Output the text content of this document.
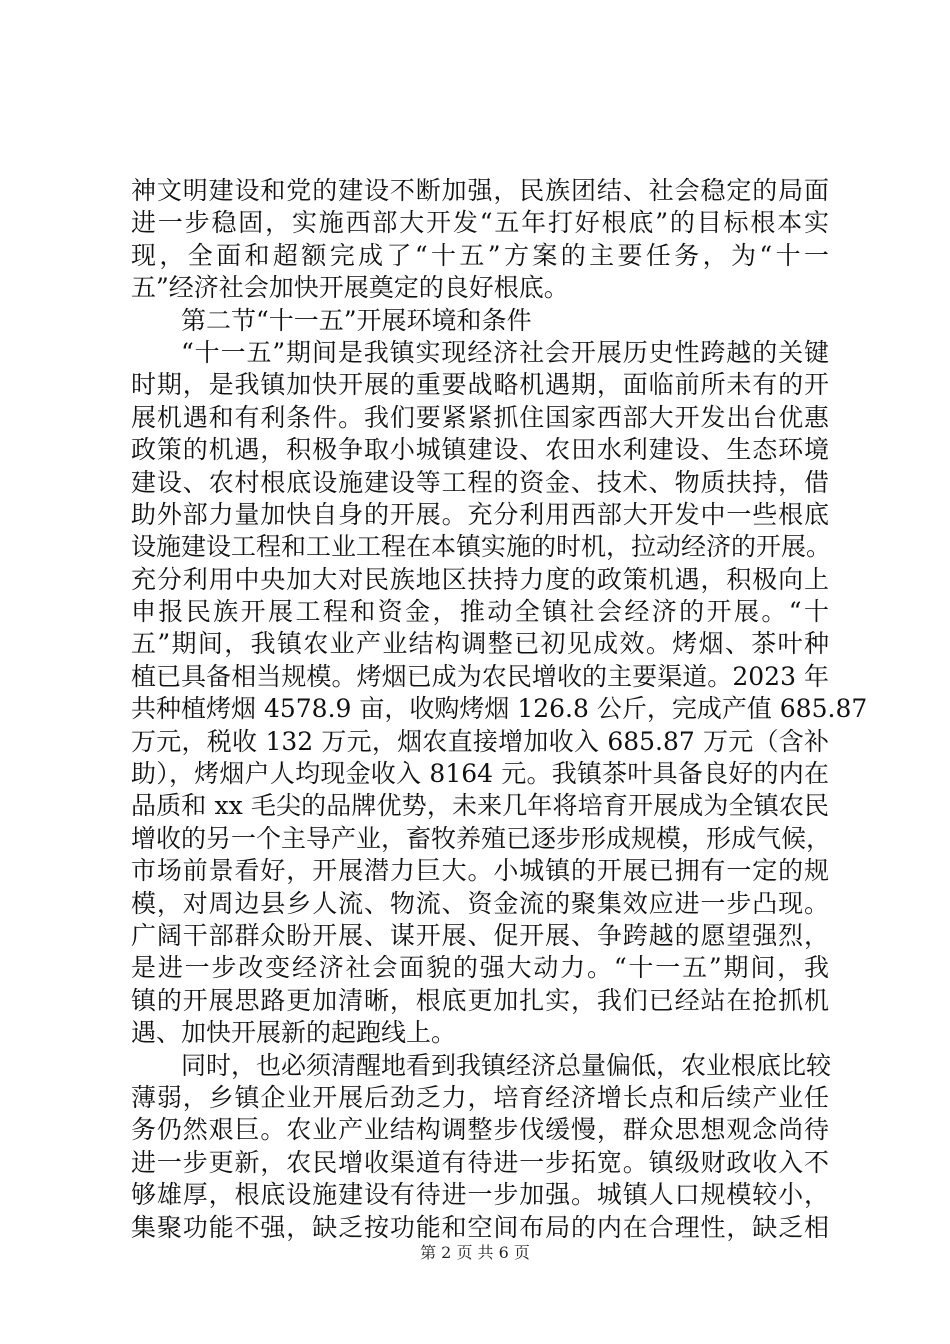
神文明建设和党的建设不断加强，民族团结、社会稳定的局面
进一步稳固，实施西部大开发“五年打好根底”的目标根本实
现，全面和超额完成了“十五”方案的主要任务，为“十一
五”经济社会加快开展奠定的良好根底。
第二节“十一五”开展环境和条件
“十一五”期间是我镇实现经济社会开展历史性跨越的关键
时期，是我镇加快开展的重要战略机遇期，面临前所未有的开
展机遇和有利条件。我们要紧紧抓住国家西部大开发出台优惠
政策的机遇，积极争取小城镇建设、农田水利建设、生态环境
建设、农村根底设施建设等工程的资金、技术、物质扶持，借
助外部力量加快自身的开展。充分利用西部大开发中一些根底
设施建设工程和工业工程在本镇实施的时机，拉动经济的开展。
充分利用中央加大对民族地区扶持力度的政策机遇，积极向上
申报民族开展工程和资金，推动全镇社会经济的开展。“十
五”期间，我镇农业产业结构调整已初见成效。烤烟、茶叶种
植已具备相当规模。烤烟已成为农民增收的主要渠道。2023 年
共种植烤烟 4578.9 亩，收购烤烟 126.8 公斤，完成产值 685.87
万元，税收 132 万元，烟农直接增加收入 685.87 万元（含补
助），烤烟户人均现金收入 8164 元。我镇茶叶具备良好的内在
品质和 xx 毛尖的品牌优势，未来几年将培育开展成为全镇农民
增收的另一个主导产业，畜牧养殖已逐步形成规模，形成气候，
市场前景看好，开展潜力巨大。小城镇的开展已拥有一定的规
模，对周边县乡人流、物流、资金流的聚集效应进一步凸现。
广阔干部群众盼开展、谋开展、促开展、争跨越的愿望强烈，
是进一步改变经济社会面貌的强大动力。“十一五”期间，我
镇的开展思路更加清晰，根底更加扎实，我们已经站在抢抓机
遇、加快开展新的起跑线上。
同时，也必须清醒地看到我镇经济总量偏低，农业根底比较
薄弱，乡镇企业开展后劲乏力，培育经济增长点和后续产业任
务仍然艰巨。农业产业结构调整步伐缓慢，群众思想观念尚待
进一步更新，农民增收渠道有待进一步拓宽。镇级财政收入不
够雄厚，根底设施建设有待进一步加强。城镇人口规模较小，
集聚功能不强，缺乏按功能和空间布局的内在合理性，缺乏相
第 2 页 共 6 页
